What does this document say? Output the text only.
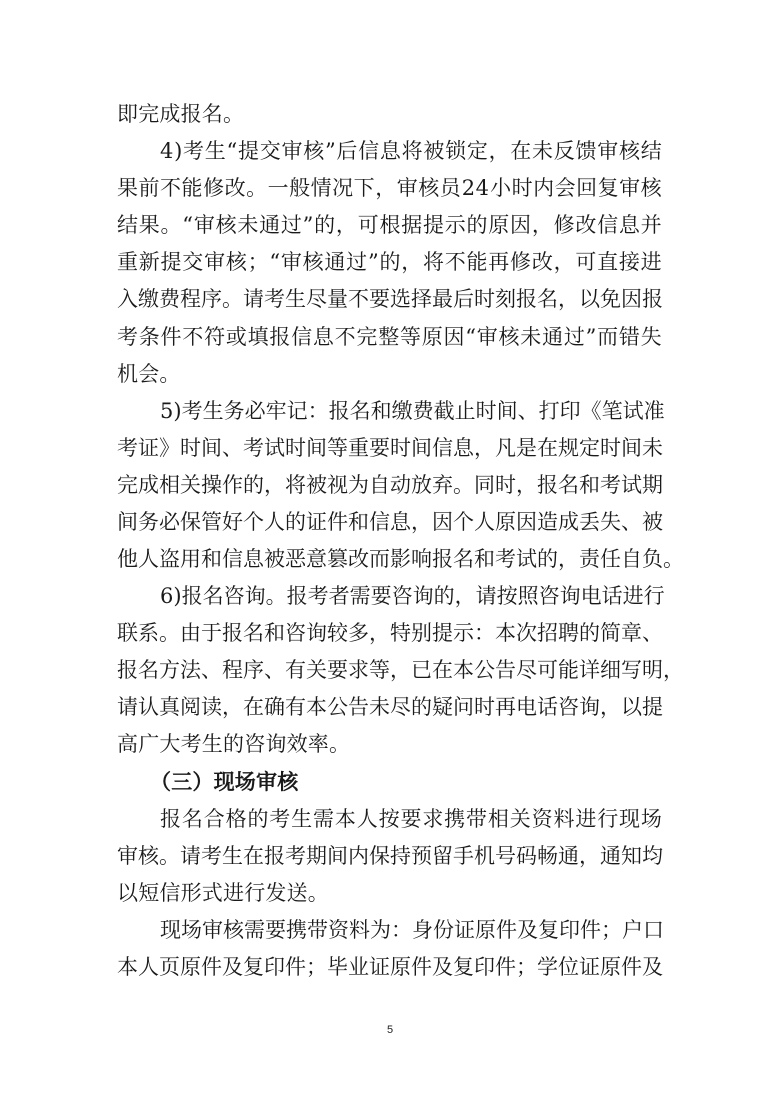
即完成报名。
4 ) 考 生 “ 提 交 审 核 ” 后 信 息 将 被 锁 定 ， 在 未 反 馈 审 核 结
果 前 不 能 修 改 。 一 般 情 况 下 ， 审 核 员 2 4 小 时 内 会 回 复 审 核
结 果 。 “ 审 核 未 通 过 ” 的 ， 可 根 据 提 示 的 原 因 ， 修 改 信 息 并
重 新 提 交 审 核 ； “ 审 核 通 过 ” 的 ， 将 不 能 再 修 改 ， 可 直 接 进
入 缴 费 程 序 。 请 考 生 尽 量 不 要 选 择 最 后 时 刻 报 名 ， 以 免 因 报
考 条 件 不 符 或 填 报 信 息 不 完 整 等 原 因 “ 审 核 未 通 过 ” 而 错 失
机会。
5 ) 考 生 务 必 牢 记 ： 报 名 和 缴 费 截 止 时 间 、 打 印 《 笔 试 准
考 证 》 时 间 、 考 试 时 间 等 重 要 时 间 信 息 ， 凡 是 在 规 定 时 间 未
完 成 相 关 操 作 的 ， 将 被 视 为 自 动 放 弃 。 同 时 ， 报 名 和 考 试 期
间 务 必 保 管 好 个 人 的 证 件 和 信 息 ， 因 个 人 原 因 造 成 丢 失 、 被
他 人 盗 用 和 信 息 被 恶 意 篡 改 而 影 响 报 名 和 考 试 的 ， 责 任 自 负 。
6 ) 报 名 咨 询 。 报 考 者 需 要 咨 询 的 ， 请 按 照 咨 询 电 话 进 行
联 系 。 由 于 报 名 和 咨 询 较 多 ， 特 别 提 示 ： 本 次 招 聘 的 简 章 、
报 名 方 法 、 程 序 、 有 关 要 求 等 ， 已 在 本 公 告 尽 可 能 详 细 写 明 ，
请 认 真 阅 读 ， 在 确 有 本 公 告 未 尽 的 疑 问 时 再 电 话 咨 询 ， 以 提
高广大考生的咨询效率。
（三）现场审核
报 名 合 格 的 考 生 需 本 人 按 要 求 携 带 相 关 资 料 进 行 现 场
审 核 。 请 考 生 在 报 考 期 间 内 保 持 预 留 手 机 号 码 畅 通 ， 通 知 均
以短信形式进行发送。
现 场 审 核 需 要 携 带 资 料 为 ： 身 份 证 原 件 及 复 印 件 ； 户 口
本 人 页 原 件 及 复 印 件 ； 毕 业 证 原 件 及 复 印 件 ； 学 位 证 原 件 及
5
